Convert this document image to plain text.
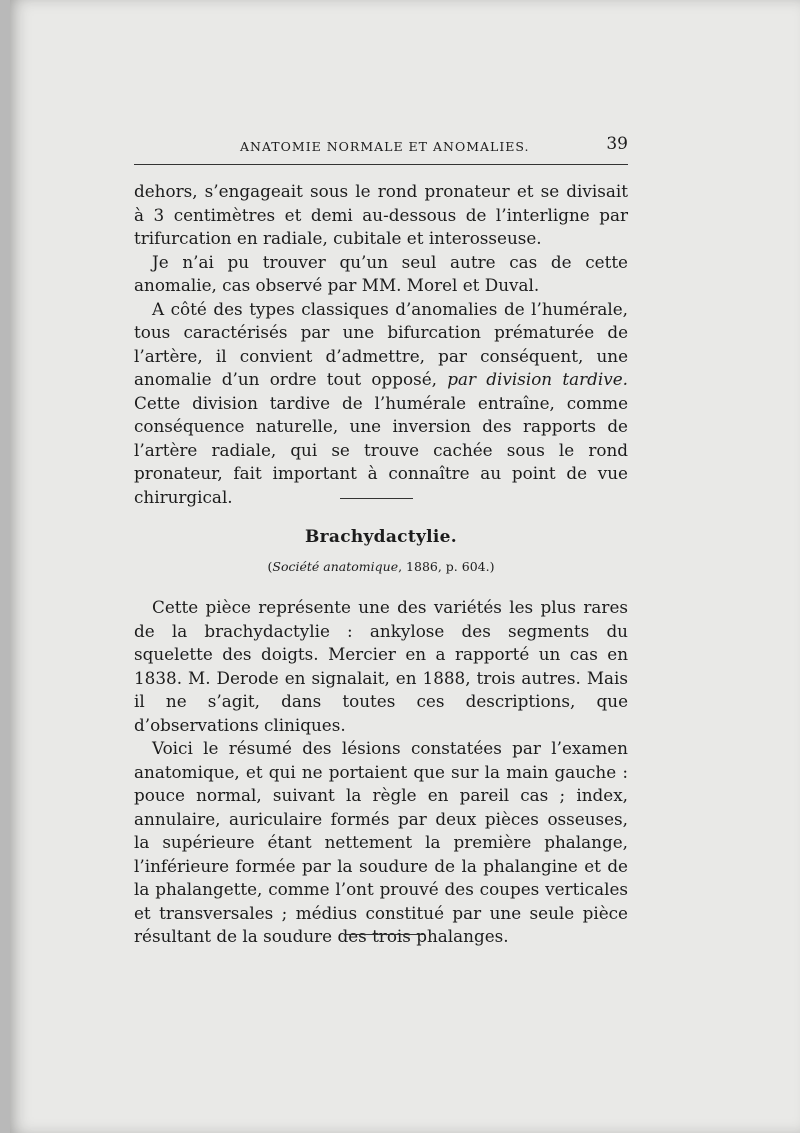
ANATOMIE NORMALE ET ANOMALIES.	39

dehors, s’engageait sous le rond pronateur et se divisait à 3 centimètres et demi au-dessous de l’interligne par trifurcation en radiale, cubitale et interosseuse.

Je n’ai pu trouver qu’un seul autre cas de cette anomalie, cas observé par MM. Morel et Duval.

A côté des types classiques d’anomalies de l’humérale, tous caractérisés par une bifurcation prématurée de l’artère, il convient d’admettre, par conséquent, une anomalie d’un ordre tout opposé, par division tardive. Cette division tardive de l’humérale entraîne, comme conséquence naturelle, une inversion des rapports de l’artère radiale, qui se trouve cachée sous le rond pronateur, fait important à connaître au point de vue chirurgical.

Brachydactylie.
(Société anatomique, 1886, p. 604.)

Cette pièce représente une des variétés les plus rares de la brachydactylie : ankylose des segments du squelette des doigts. Mercier en a rapporté un cas en 1838. M. Derode en signalait, en 1888, trois autres. Mais il ne s’agit, dans toutes ces descriptions, que d’observations cliniques.

Voici le résumé des lésions constatées par l’examen anatomique, et qui ne portaient que sur la main gauche : pouce normal, suivant la règle en pareil cas ; index, annulaire, auriculaire formés par deux pièces osseuses, la supérieure étant nettement la première phalange, l’inférieure formée par la soudure de la phalangine et de la phalangette, comme l’ont prouvé des coupes verticales et transversales ; médius constitué par une seule pièce résultant de la soudure des trois phalanges.
